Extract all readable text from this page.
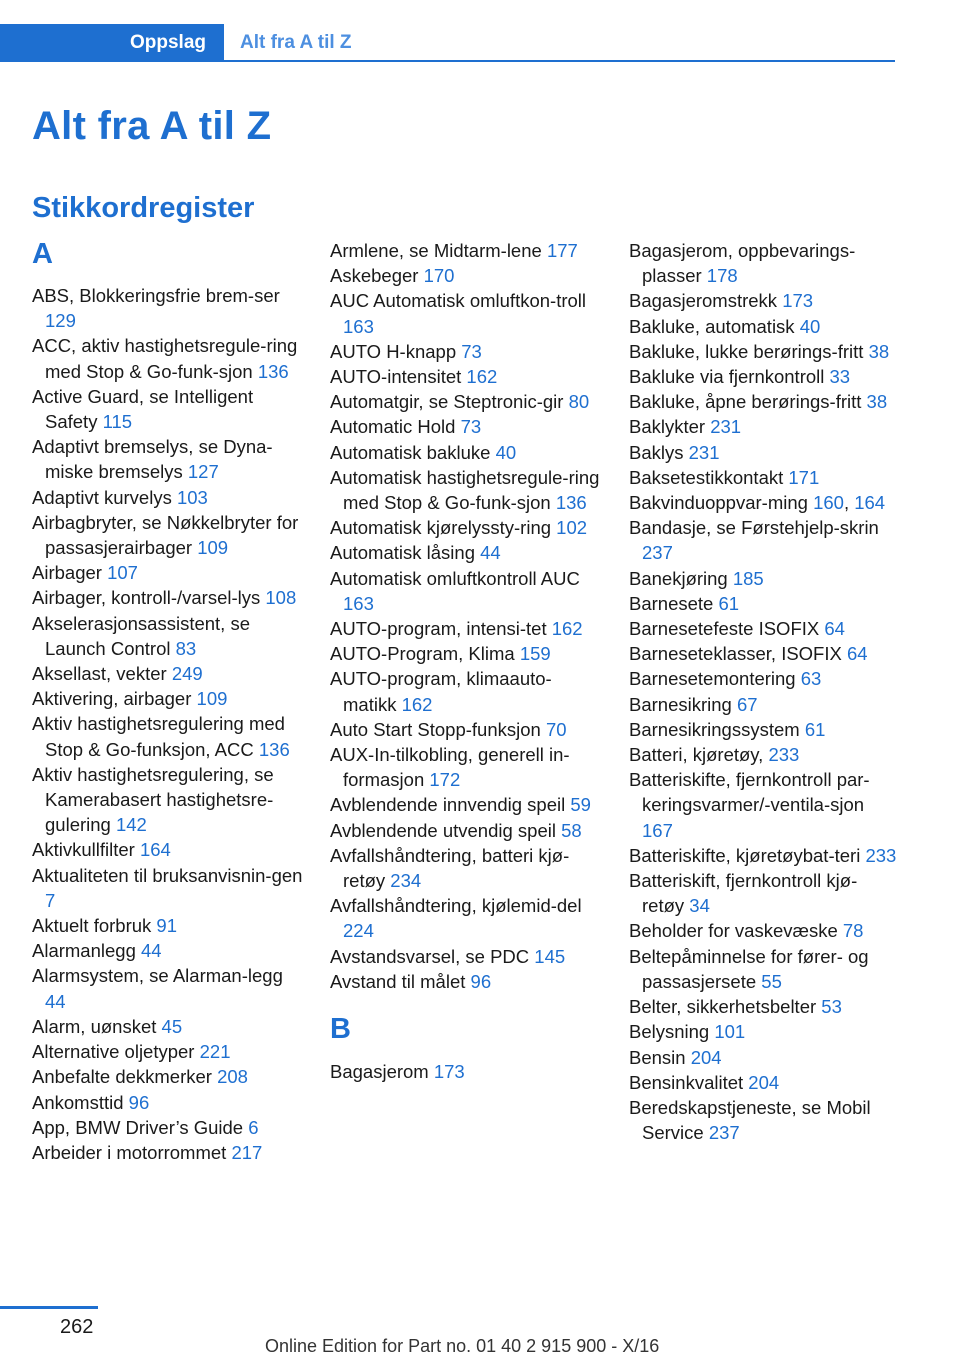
Oppslag	Alt fra A til Z
Alt fra A til Z
Stikkordregister
A
ABS, Blokkeringsfrie brem-ser 129
ACC, aktiv hastighetsregule-ring med Stop & Go-funk-sjon 136
Active Guard, se Intelligent Safety 115
Adaptivt bremselys, se Dyna-miske bremselys 127
Adaptivt kurvelys 103
Airbagbryter, se Nøkkelbryter for passasjerairbager 109
Airbager 107
Airbager, kontroll-/varsel-lys 108
Akselerasjonsassistent, se Launch Control 83
Aksellast, vekter 249
Aktivering, airbager 109
Aktiv hastighetsregulering med Stop & Go-funksjon, ACC 136
Aktiv hastighetsregulering, se Kamerabasert hastighetsre-gulering 142
Aktivkullfilter 164
Aktualiteten til bruksanvisnin-gen 7
Aktuelt forbruk 91
Alarmanlegg 44
Alarmsystem, se Alarman-legg 44
Alarm, uønsket 45
Alternative oljetyper 221
Anbefalte dekkmerker 208
Ankomsttid 96
App, BMW Driver’s Guide 6
Arbeider i motorrommet 217
Armlene, se Midtarm-lene 177
Askebeger 170
AUC Automatisk omluftkon-troll 163
AUTO H-knapp 73
AUTO-intensitet 162
Automatgir, se Steptronic-gir 80
Automatic Hold 73
Automatisk bakluke 40
Automatisk hastighetsregule-ring med Stop & Go-funk-sjon 136
Automatisk kjørelyssty-ring 102
Automatisk låsing 44
Automatisk omluftkontroll AUC 163
AUTO-program, intensi-tet 162
AUTO-Program, Klima 159
AUTO-program, klimaauto-matikk 162
Auto Start Stopp-funksjon 70
AUX-In-tilkobling, generell in-formasjon 172
Avblendende innvendig speil 59
Avblendende utvendig speil 58
Avfallshåndtering, batteri kjø-retøy 234
Avfallshåndtering, kjølemid-del 224
Avstandsvarsel, se PDC 145
Avstand til målet 96
B
Bagasjerom 173
Bagasjerom, oppbevarings-plasser 178
Bagasjeromstrekk 173
Bakluke, automatisk 40
Bakluke, lukke berørings-fritt 38
Bakluke via fjernkontroll 33
Bakluke, åpne berørings-fritt 38
Baklykter 231
Baklys 231
Baksetestikkontakt 171
Bakvinduoppvar-ming 160, 164
Bandasje, se Førstehjelp-skrin 237
Banekjøring 185
Barnesete 61
Barnesetefeste ISOFIX 64
Barneseteklasser, ISOFIX 64
Barnesetemontering 63
Barnesikring 67
Barnesikringssystem 61
Batteri, kjøretøy, 233
Batteriskifte, fjernkontroll par-keringsvarmer/-ventila-sjon 167
Batteriskifte, kjøretøybat-teri 233
Batteriskift, fjernkontroll kjø-retøy 34
Beholder for vaskevæske 78
Beltepåminnelse for fører- og passasjersete 55
Belter, sikkerhetsbelter 53
Belysning 101
Bensin 204
Bensinkvalitet 204
Beredskapstjeneste, se Mobil Service 237
262
Online Edition for Part no. 01 40 2 915 900 - X/16
